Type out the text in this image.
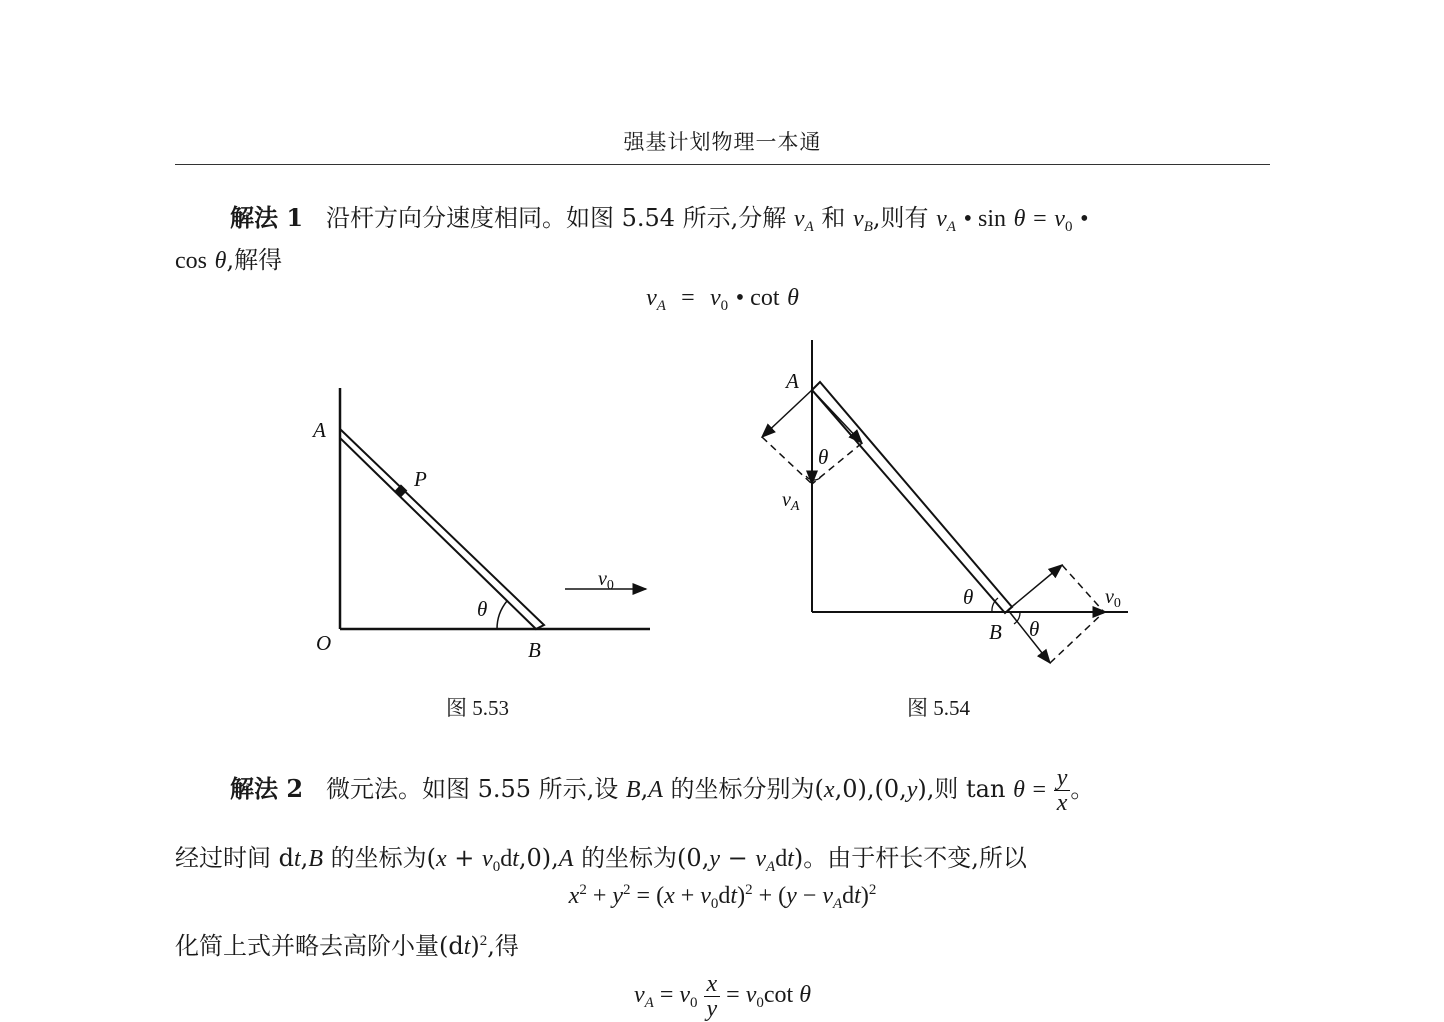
强基计划物理一本通
解法 1 沿杆方向分速度相同。如图 5.54 所示,分解 $v_A$ 和 $v_B$,则有 $v_A$ • $\sin \theta = v_0$ •
cos θ,解得
$v_A = v_0$ • cot θ
A
P
O	B
θ
$v_0$
A
θ
$v_A$
θ
θ
B
$v_0$
图 5.53	图 5.54
解法 2 微元法。如图 5.55 所示,设 B,A 的坐标分别为(x,0),(0,y),则 $\tan \theta = \frac{y}{x}$ 。
经过时间 dt,B 的坐标为$(x + v_0dt,0),A$ 的坐标为$(0,y - v_Adt)$。由于杆长不变,所以
$x^2 + y^2 = (x + v_0dt)^2 + (y - v_Adt)^2$
化简上式并略去高阶小量(dt)$^2$,得
$v_A = v_0 \frac{x}{y} = v_0\cot$ θ
